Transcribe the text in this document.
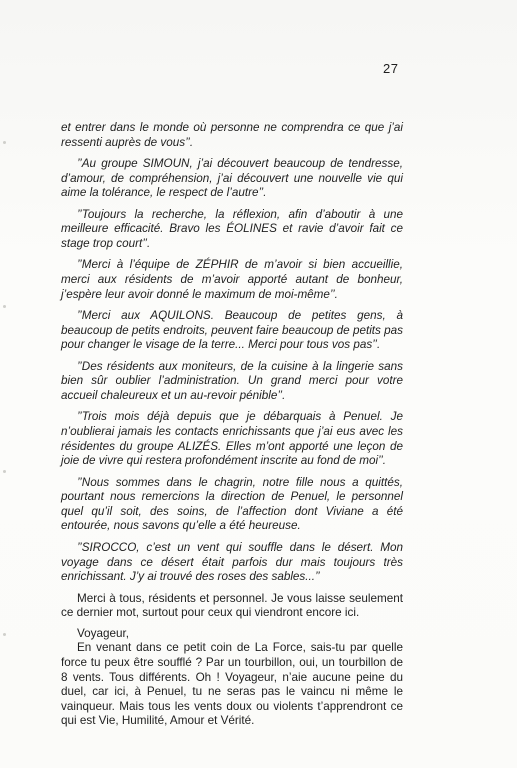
27

et entrer dans le monde où personne ne comprendra ce que j’ai ressenti auprès de vous’’.

’’Au groupe SIMOUN, j’ai découvert beaucoup de tendresse, d’amour, de compréhension, j’ai découvert une nouvelle vie qui aime la tolérance, le respect de l’autre’’.

’’Toujours la recherche, la réflexion, afin d’aboutir à une meilleure efficacité. Bravo les ÉOLINES et ravie d’avoir fait ce stage trop court’’.

’’Merci à l’équipe de ZÉPHIR de m’avoir si bien accueillie, merci aux résidents de m’avoir apporté autant de bonheur, j’espère leur avoir donné le maximum de moi-même’’.

’’Merci aux AQUILONS. Beaucoup de petites gens, à beaucoup de petits endroits, peuvent faire beaucoup de petits pas pour changer le visage de la terre... Merci pour tous vos pas’’.

’’Des résidents aux moniteurs, de la cuisine à la lingerie sans bien sûr oublier l’administration. Un grand merci pour votre accueil chaleureux et un au-revoir pénible’’.

’’Trois mois déjà depuis que je débarquais à Penuel. Je n’oublierai jamais les contacts enrichissants que j’ai eus avec les résidentes du groupe ALIZÉS. Elles m’ont apporté une leçon de joie de vivre qui restera profondément inscrite au fond de moi’’.

’’Nous sommes dans le chagrin, notre fille nous a quittés, pourtant nous remercions la direction de Penuel, le personnel quel qu’il soit, des soins, de l’affection dont Viviane a été entourée, nous savons qu’elle a été heureuse.

’’SIROCCO, c’est un vent qui souffle dans le désert. Mon voyage dans ce désert était parfois dur mais toujours très enrichissant. J’y ai trouvé des roses des sables...’’

Merci à tous, résidents et personnel. Je vous laisse seulement ce dernier mot, surtout pour ceux qui viendront encore ici.

Voyageur,

En venant dans ce petit coin de La Force, sais-tu par quelle force tu peux être soufflé ? Par un tourbillon, oui, un tourbillon de 8 vents. Tous différents. Oh ! Voyageur, n’aie aucune peine du duel, car ici, à Penuel, tu ne seras pas le vaincu ni même le vainqueur. Mais tous les vents doux ou violents t’apprendront ce qui est Vie, Humilité, Amour et Vérité.
